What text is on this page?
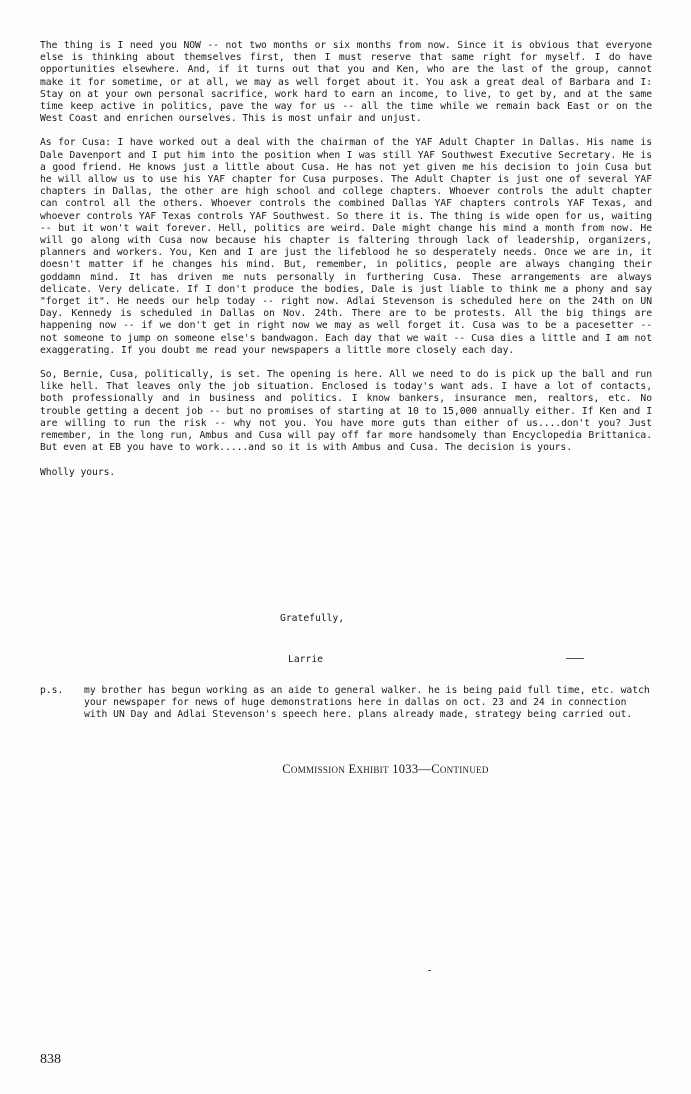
The thing is I need you NOW -- not two months or six months from now. Since it is obvious that everyone else is thinking about themselves first, then I must reserve that same right for myself. I do have opportunities elsewhere. And, if it turns out that you and Ken, who are the last of the group, cannot make it for sometime, or at all, we may as well forget about it. You ask a great deal of Barbara and I: Stay on at your own personal sacrifice, work hard to earn an income, to live, to get by, and at the same time keep active in politics, pave the way for us -- all the time while we remain back East or on the West Coast and enrichen ourselves. This is most unfair and unjust.

As for Cusa: I have worked out a deal with the chairman of the YAF Adult Chapter in Dallas. His name is Dale Davenport and I put him into the position when I was still YAF Southwest Executive Secretary. He is a good friend. He knows just a little about Cusa. He has not yet given me his decision to join Cusa but he will allow us to use his YAF chapter for Cusa purposes. The Adult Chapter is just one of several YAF chapters in Dallas, the other are high school and college chapters. Whoever controls the adult chapter can control all the others. Whoever controls the combined Dallas YAF chapters controls YAF Texas, and whoever controls YAF Texas controls YAF Southwest. So there it is. The thing is wide open for us, waiting -- but it won't wait forever. Hell, politics are weird. Dale might change his mind a month from now. He will go along with Cusa now because his chapter is faltering through lack of leadership, organizers, planners and workers. You, Ken and I are just the lifeblood he so desperately needs. Once we are in, it doesn't matter if he changes his mind. But, remember, in politics, people are always changing their goddamn mind. It has driven me nuts personally in furthering Cusa. These arrangements are always delicate. Very delicate. If I don't produce the bodies, Dale is just liable to think me a phony and say "forget it". He needs our help today -- right now. Adlai Stevenson is scheduled here on the 24th on UN Day. Kennedy is scheduled in Dallas on Nov. 24th. There are to be protests. All the big things are happening now -- if we don't get in right now we may as well forget it. Cusa was to be a pacesetter -- not someone to jump on someone else's bandwagon. Each day that we wait -- Cusa dies a little and I am not exaggerating. If you doubt me read your newspapers a little more closely each day.

So, Bernie, Cusa, politically, is set. The opening is here. All we need to do is pick up the ball and run like hell. That leaves only the job situation. Enclosed is today's want ads. I have a lot of contacts, both professionally and in business and politics. I know bankers, insurance men, realtors, etc. No trouble getting a decent job -- but no promises of starting at 10 to 15,000 annually either. If Ken and I are willing to run the risk -- why not you. You have more guts than either of us....don't you? Just remember, in the long run, Ambus and Cusa will pay off far more handsomely than Encyclopedia Brittanica. But even at EB you have to work.....and so it is with Ambus and Cusa. The decision is yours.

Wholly yours.

Gratefully,
Larrie
p.s. my brother has begun working as an aide to general walker. he is being paid full time, etc. watch your newspaper for news of huge demonstrations here in dallas on oct. 23 and 24 in connection with UN Day and Adlai Stevenson's speech here. plans already made, strategy being carried out.
Commission Exhibit 1033—Continued
838
